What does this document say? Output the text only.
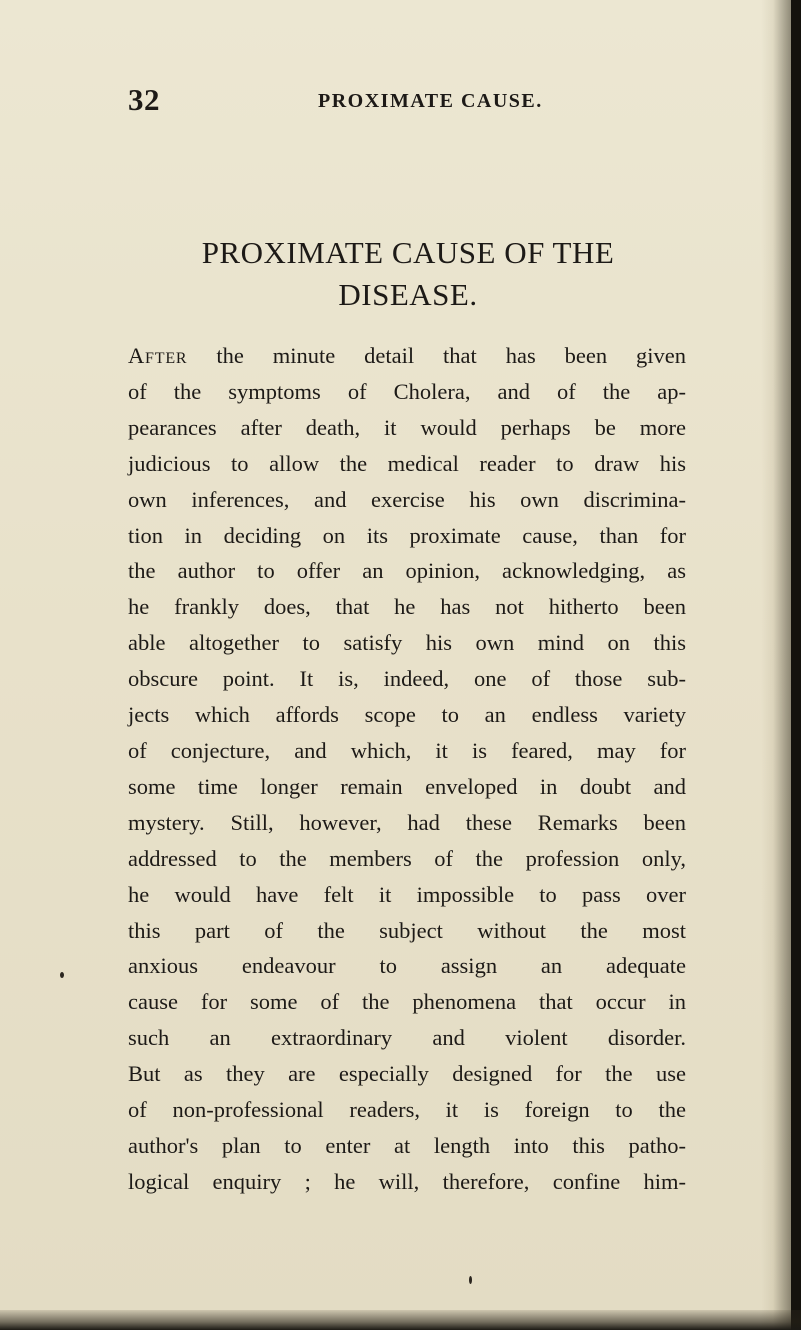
32	PROXIMATE CAUSE.
PROXIMATE CAUSE OF THE
DISEASE.
After the minute detail that has been given
of the symptoms of Cholera, and of the ap-
pearances after death, it would perhaps be more
judicious to allow the medical reader to draw his
own inferences, and exercise his own discrimina-
tion in deciding on its proximate cause, than for
the author to offer an opinion, acknowledging, as
he frankly does, that he has not hitherto been
able altogether to satisfy his own mind on this
obscure point. It is, indeed, one of those sub-
jects which affords scope to an endless variety
of conjecture, and which, it is feared, may for
some time longer remain enveloped in doubt and
mystery. Still, however, had these Remarks been
addressed to the members of the profession only,
he would have felt it impossible to pass over
this part of the subject without the most
anxious endeavour to assign an adequate
cause for some of the phenomena that occur in
such an extraordinary and violent disorder.
But as they are especially designed for the use
of non-professional readers, it is foreign to the
author's plan to enter at length into this patho-
logical enquiry ; he will, therefore, confine him-
